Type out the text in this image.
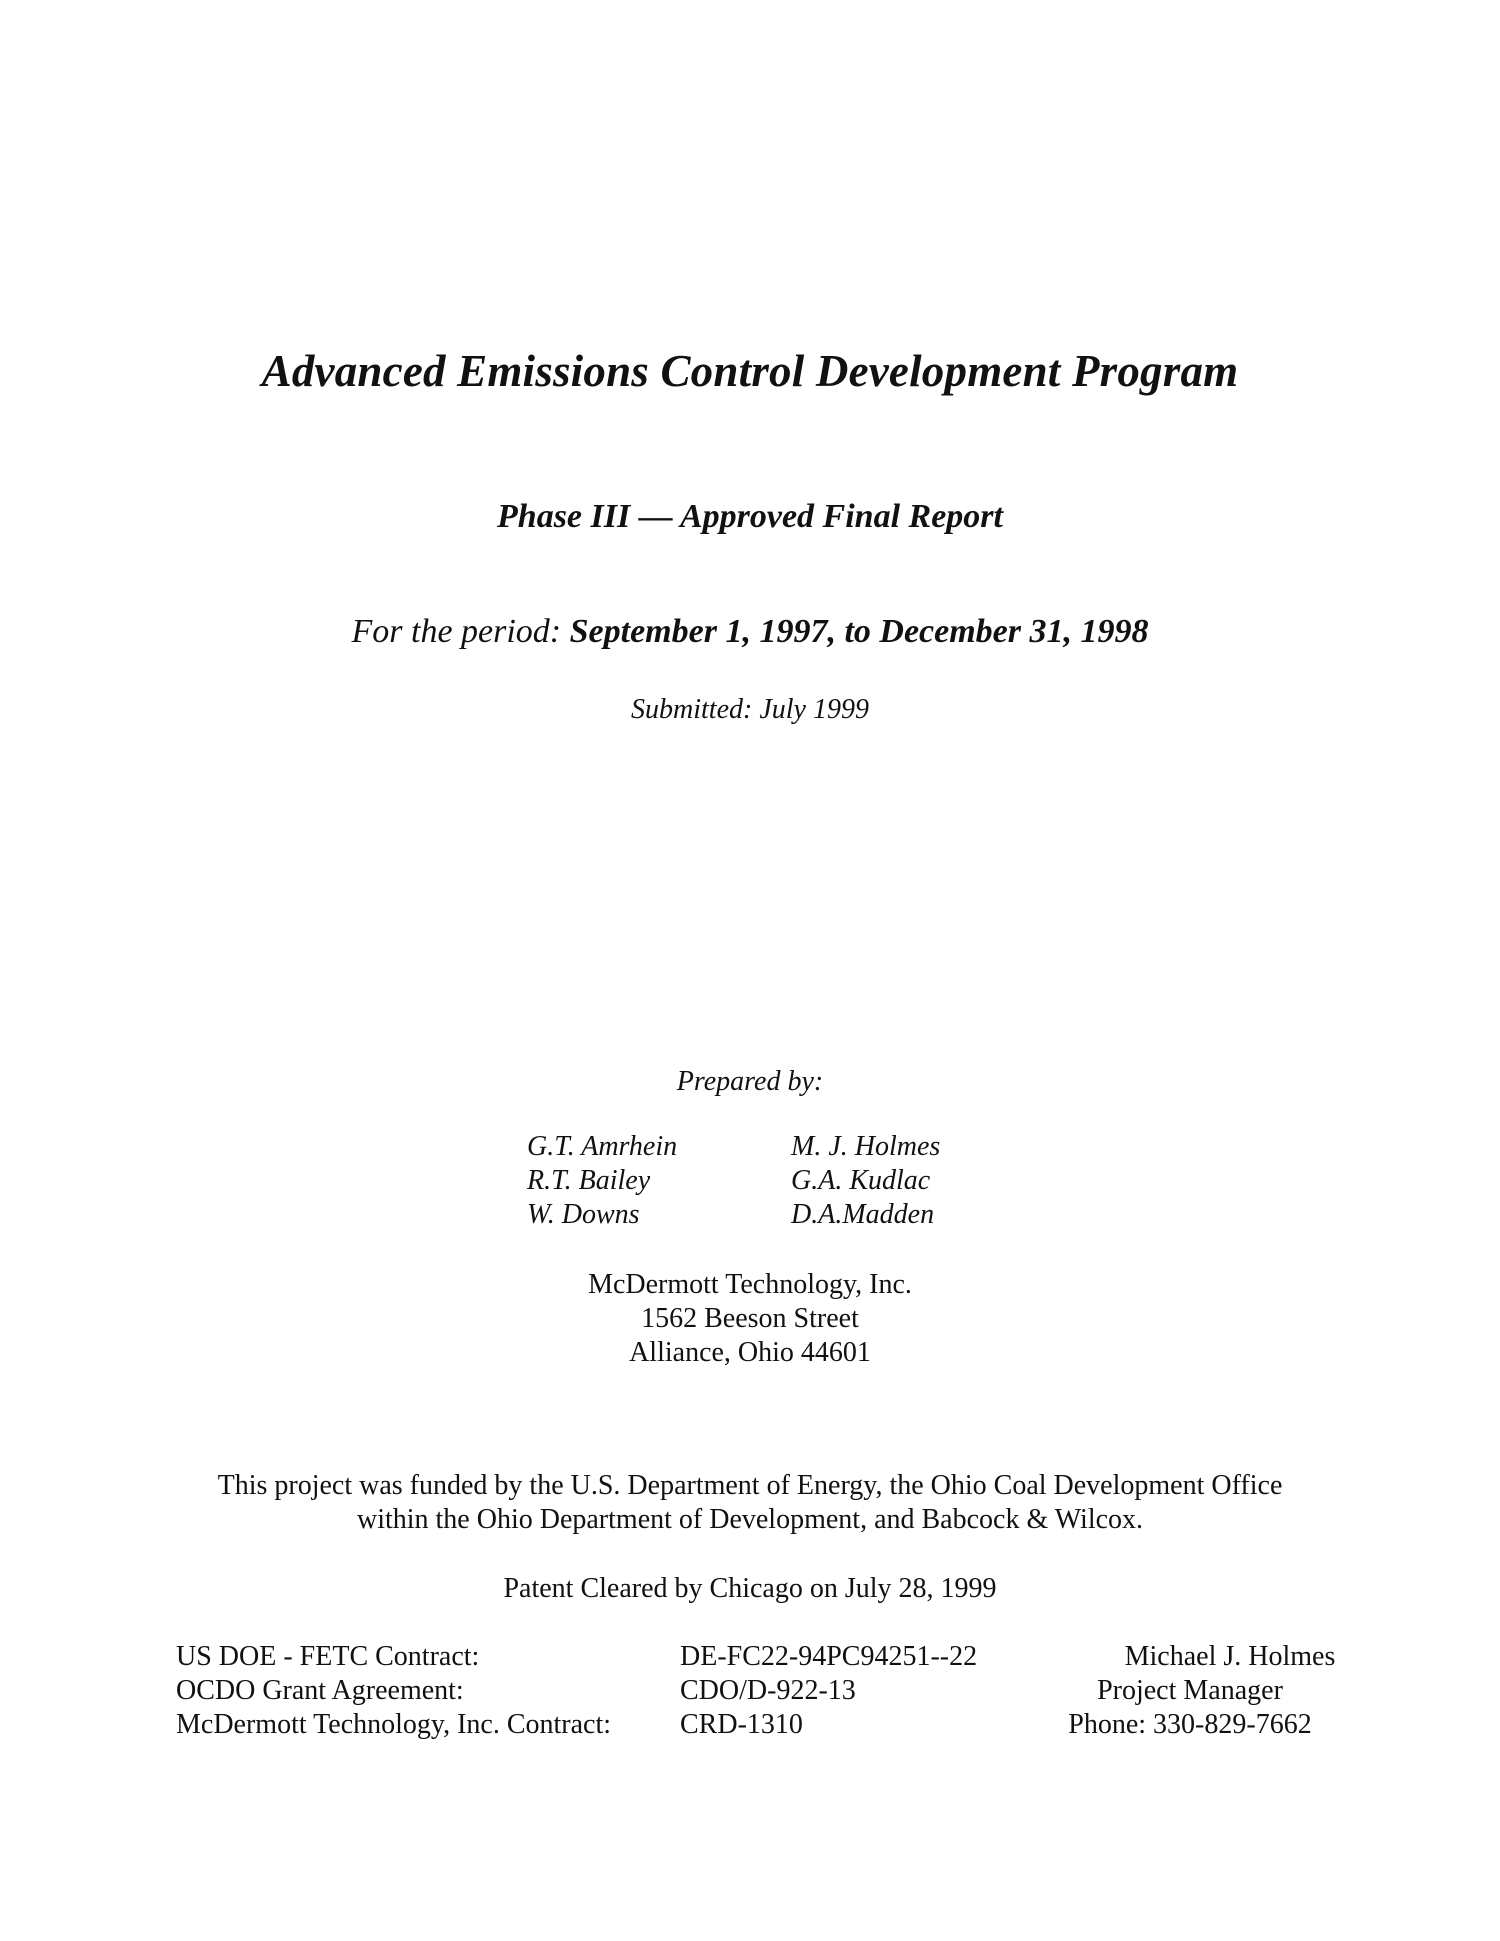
Advanced Emissions Control Development Program
Phase III — Approved Final Report
For the period: September 1, 1997, to December 31, 1998
Submitted: July 1999
Prepared by:
G.T. Amrhein
R.T. Bailey
W. Downs
M. J. Holmes
G.A. Kudlac
D.A.Madden
McDermott Technology, Inc.
1562 Beeson Street
Alliance, Ohio 44601
This project was funded by the U.S. Department of Energy, the Ohio Coal Development Office
within the Ohio Department of Development, and Babcock & Wilcox.
Patent Cleared by Chicago on July 28, 1999
US DOE - FETC Contract:	DE-FC22-94PC94251--22
OCDO Grant Agreement:	CDO/D-922-13
McDermott Technology, Inc. Contract: CRD-1310
Michael J. Holmes
Project Manager
Phone: 330-829-7662
